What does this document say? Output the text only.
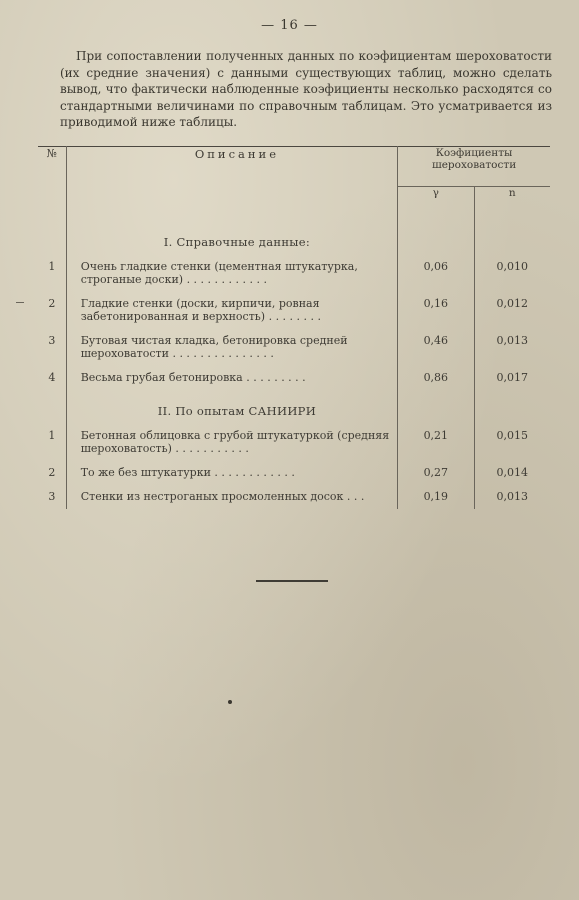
— 16 —

При сопоставлении полученных данных по коэфициентам шероховатости (их средние значения) с данными существующих таблиц, можно сделать вывод, что фактически наблюденные коэфициенты несколько расходятся со стандартными величинами по справочным таблицам. Это усматривается из приводимой ниже таблицы.

№	Описание	Коэфициенты шероховатости	
		γ	n
	I. Справочные данные:		
1	Очень гладкие стенки (цементная штукатурка, строганые доски) . . . . . . . . . . . .	0,06	0,010
2	Гладкие стенки (доски, кирпичи, ровная забетонированная и верхность) . . . . . . . .	0,16	0,012
3	Бутовая чистая кладка, бетонировка средней шероховатости . . . . . . . . . . . . . . .	0,46	0,013
4	Весьма грубая бетонировка . . . . . . . . .	0,86	0,017
	II. По опытам САНИИРИ		
1	Бетонная облицовка с грубой штукатуркой (средняя шероховатость) . . . . . . . . . . .	0,21	0,015
2	То же без штукатурки . . . . . . . . . . . .	0,27	0,014
3	Стенки из нестроганых просмоленных досок . . .	0,19	0,013
